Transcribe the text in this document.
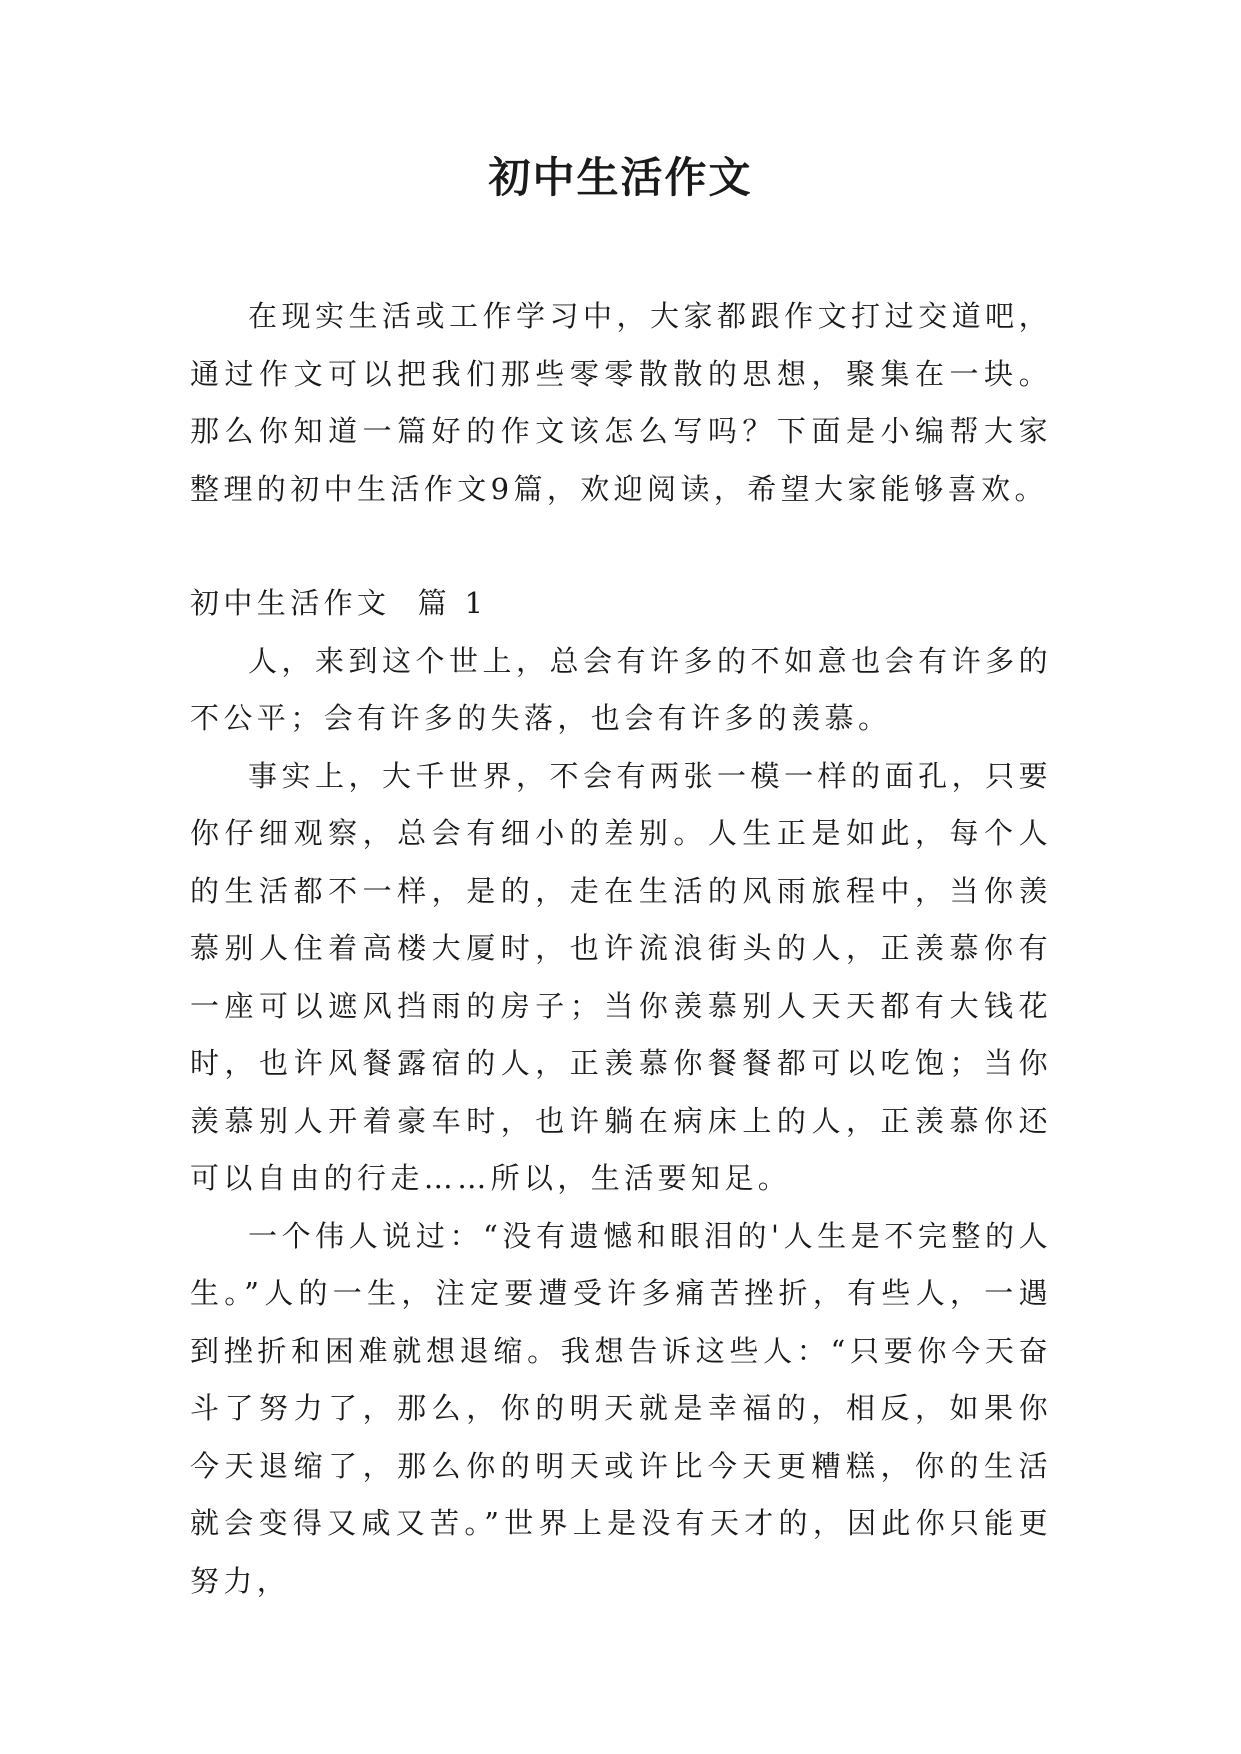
初中生活作文

在现实生活或工作学习中，大家都跟作文打过交道吧，通过作文可以把我们那些零零散散的思想，聚集在一块。那么你知道一篇好的作文该怎么写吗？下面是小编帮大家整理的初中生活作文9篇，欢迎阅读，希望大家能够喜欢。

初中生活作文  篇 1

人，来到这个世上，总会有许多的不如意也会有许多的不公平；会有许多的失落，也会有许多的羡慕。

事实上，大千世界，不会有两张一模一样的面孔，只要你仔细观察，总会有细小的差别。人生正是如此，每个人的生活都不一样，是的，走在生活的风雨旅程中，当你羡慕别人住着高楼大厦时，也许流浪街头的人，正羡慕你有一座可以遮风挡雨的房子；当你羡慕别人天天都有大钱花时，也许风餐露宿的人，正羡慕你餐餐都可以吃饱；当你羡慕别人开着豪车时，也许躺在病床上的人，正羡慕你还可以自由的行走……所以，生活要知足。

一个伟人说过：“没有遗憾和眼泪的'人生是不完整的人生。”人的一生，注定要遭受许多痛苦挫折，有些人，一遇到挫折和困难就想退缩。我想告诉这些人：“只要你今天奋斗了努力了，那么，你的明天就是幸福的，相反，如果你今天退缩了，那么你的明天或许比今天更糟糕，你的生活就会变得又咸又苦。”世界上是没有天才的，因此你只能更努力，
